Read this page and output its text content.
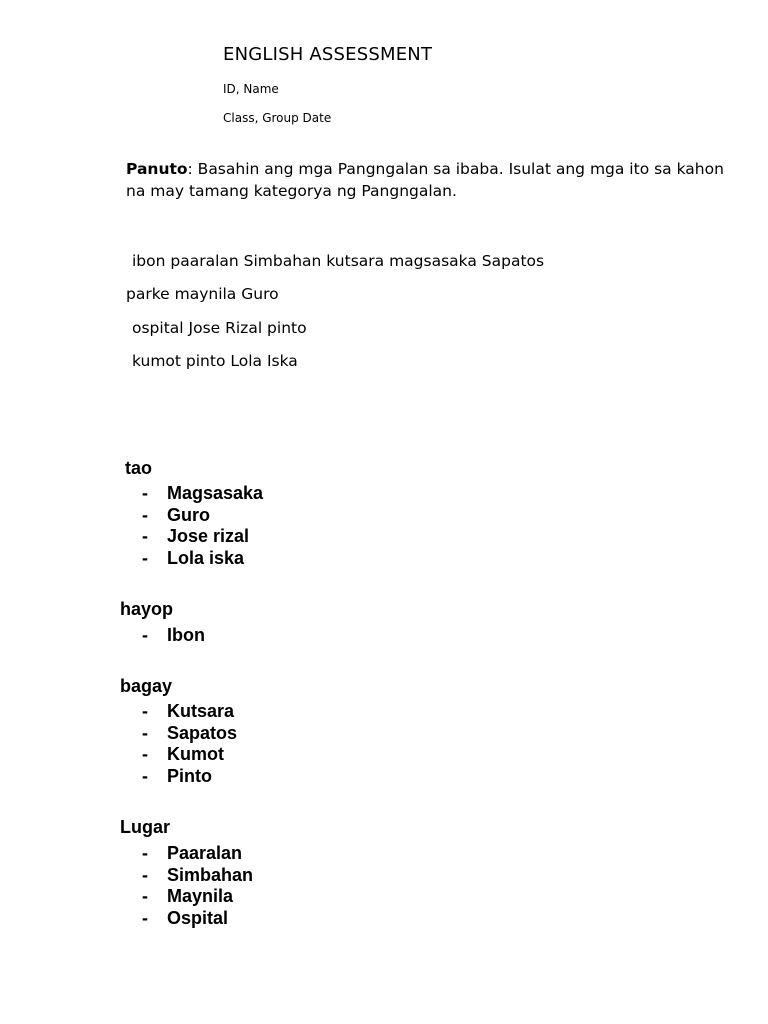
ENGLISH ASSESSMENT
ID, Name
Class, Group Date
Panuto: Basahin ang mga Pangngalan sa ibaba. Isulat ang mga ito sa kahon na may tamang kategorya ng Pangngalan.
ibon paaralan Simbahan kutsara magsasaka Sapatos
parke maynila Guro
ospital Jose Rizal pinto
kumot pinto Lola Iska
tao
- Magsasaka
- Guro
- Jose rizal
- Lola iska
hayop
- Ibon
bagay
- Kutsara
- Sapatos
- Kumot
- Pinto
Lugar
- Paaralan
- Simbahan
- Maynila
- Ospital
